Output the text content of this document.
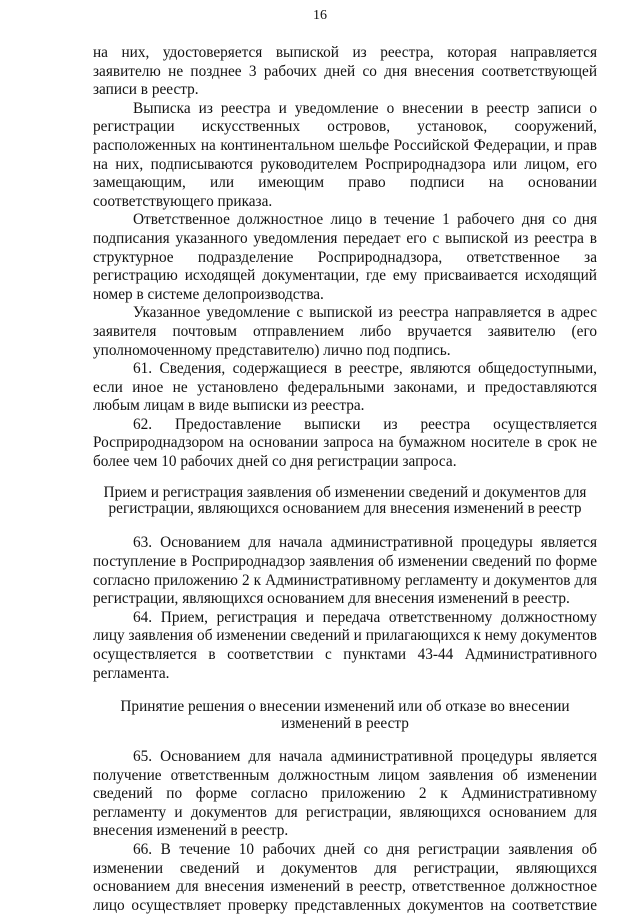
16

на них, удостоверяется выпиской из реестра, которая направляется заявителю не позднее 3 рабочих дней со дня внесения соответствующей записи в реестр.

Выписка из реестра и уведомление о внесении в реестр записи о регистрации искусственных островов, установок, сооружений, расположенных на континентальном шельфе Российской Федерации, и прав на них, подписываются руководителем Росприроднадзора или лицом, его замещающим, или имеющим право подписи на основании соответствующего приказа.

Ответственное должностное лицо в течение 1 рабочего дня со дня подписания указанного уведомления передает его с выпиской из реестра в структурное подразделение Росприроднадзора, ответственное за регистрацию исходящей документации, где ему присваивается исходящий номер в системе делопроизводства.

Указанное уведомление с выпиской из реестра направляется в адрес заявителя почтовым отправлением либо вручается заявителю (его уполномоченному представителю) лично под подпись.

61. Сведения, содержащиеся в реестре, являются общедоступными, если иное не установлено федеральными законами, и предоставляются любым лицам в виде выписки из реестра.

62. Предоставление выписки из реестра осуществляется Росприроднадзором на основании запроса на бумажном носителе в срок не более чем 10 рабочих дней со дня регистрации запроса.

Прием и регистрация заявления об изменении сведений и документов для регистрации, являющихся основанием для внесения изменений в реестр

63. Основанием для начала административной процедуры является поступление в Росприроднадзор заявления об изменении сведений по форме согласно приложению 2 к Административному регламенту и документов для регистрации, являющихся основанием для внесения изменений в реестр.

64. Прием, регистрация и передача ответственному должностному лицу заявления об изменении сведений и прилагающихся к нему документов осуществляется в соответствии с пунктами 43-44 Административного регламента.

Принятие решения о внесении изменений или об отказе во внесении изменений в реестр

65. Основанием для начала административной процедуры является получение ответственным должностным лицом заявления об изменении сведений по форме согласно приложению 2 к Административному регламенту и документов для регистрации, являющихся основанием для внесения изменений в реестр.

66. В течение 10 рабочих дней со дня регистрации заявления об изменении сведений и документов для регистрации, являющихся основанием для внесения изменений в реестр, ответственное должностное лицо осуществляет проверку представленных документов на соответствие
